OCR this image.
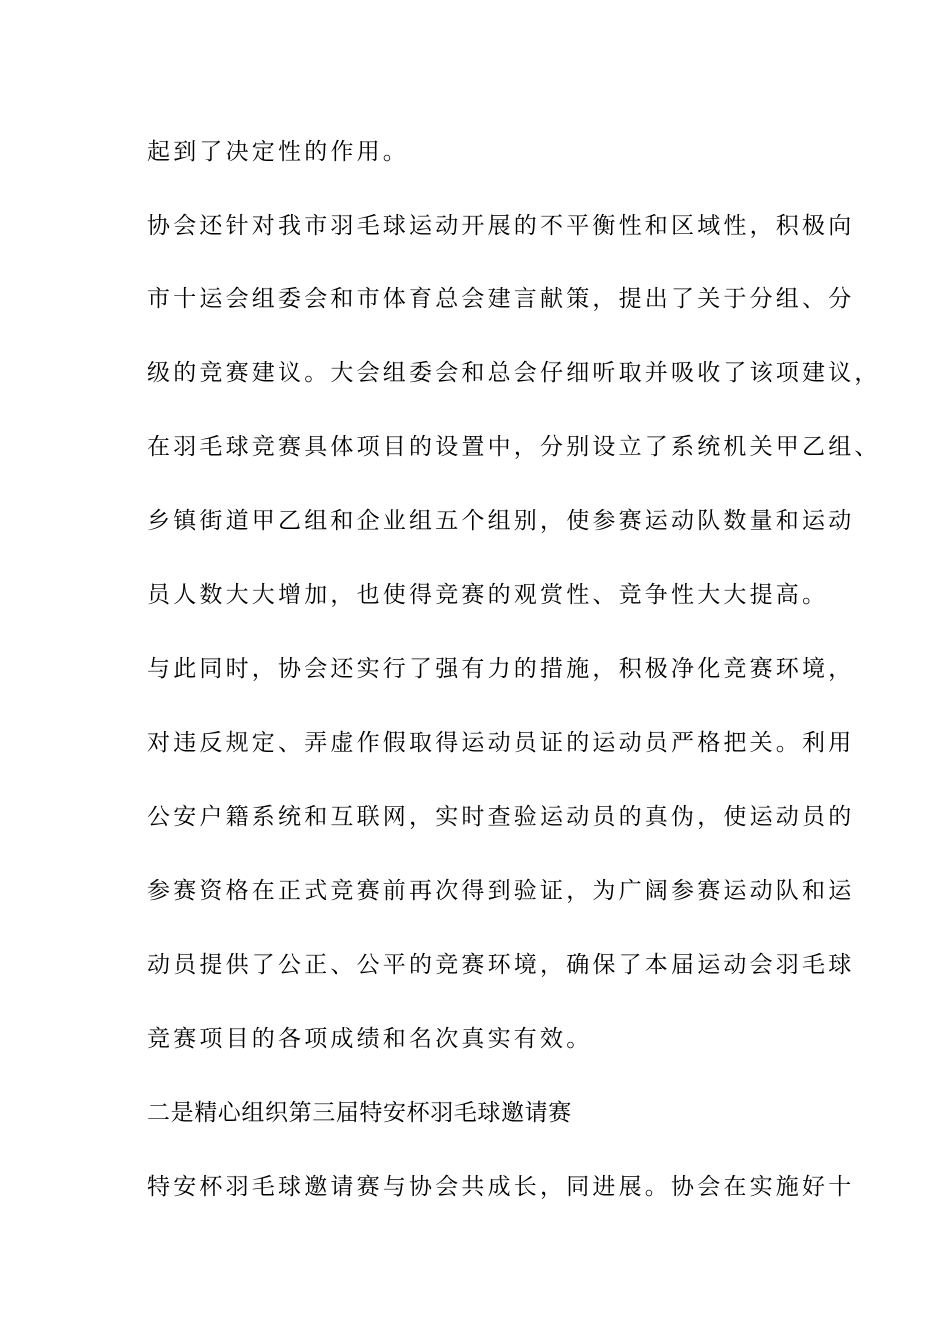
起到了决定性的作用。
协会还针对我市羽毛球运动开展的不平衡性和区域性，积极向
市十运会组委会和市体育总会建言献策，提出了关于分组、分
级的竞赛建议。大会组委会和总会仔细听取并吸收了该项建议，
在羽毛球竞赛具体项目的设置中，分别设立了系统机关甲乙组、
乡镇街道甲乙组和企业组五个组别，使参赛运动队数量和运动
员人数大大增加，也使得竞赛的观赏性、竞争性大大提高。
与此同时，协会还实行了强有力的措施，积极净化竞赛环境，
对违反规定、弄虚作假取得运动员证的运动员严格把关。利用
公安户籍系统和互联网，实时查验运动员的真伪，使运动员的
参赛资格在正式竞赛前再次得到验证，为广阔参赛运动队和运
动员提供了公正、公平的竞赛环境，确保了本届运动会羽毛球
竞赛项目的各项成绩和名次真实有效。
二是精心组织第三届特安杯羽毛球邀请赛
特安杯羽毛球邀请赛与协会共成长，同进展。协会在实施好十
